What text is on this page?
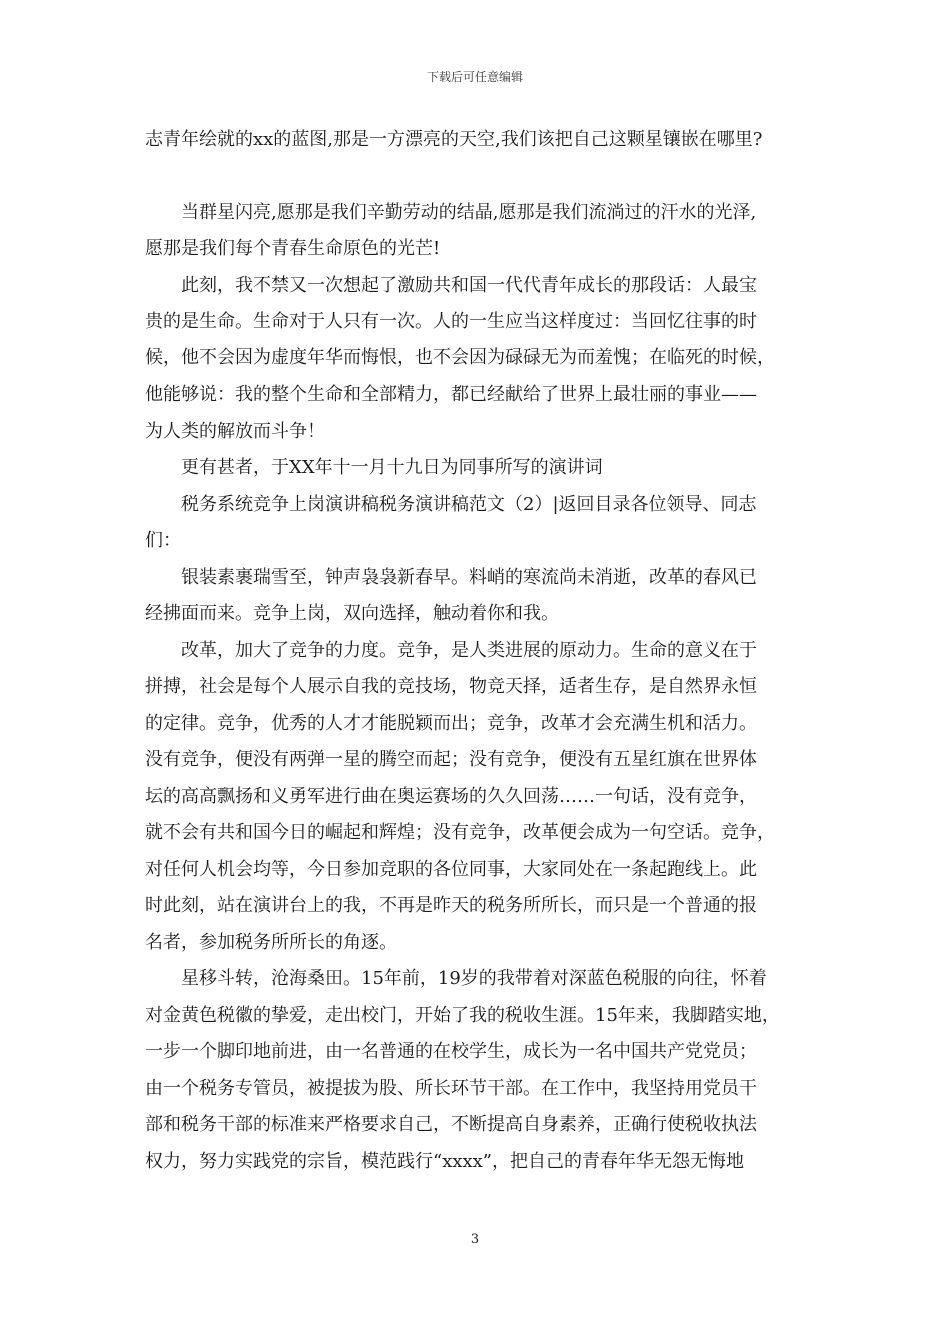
下载后可任意编辑
志青年绘就的xx的蓝图,那是一方漂亮的天空,我们该把自己这颗星镶嵌在哪里?
　　当群星闪亮,愿那是我们辛勤劳动的结晶,愿那是我们流淌过的汗水的光泽,
愿那是我们每个青春生命原色的光芒!
　　此刻，我不禁又一次想起了激励共和国一代代青年成长的那段话：人最宝
贵的是生命。生命对于人只有一次。人的一生应当这样度过：当回忆往事的时
候，他不会因为虚度年华而悔恨，也不会因为碌碌无为而羞愧；在临死的时候，
他能够说：我的整个生命和全部精力，都已经献给了世界上最壮丽的事业——
为人类的解放而斗争！
　　更有甚者，于XX年十一月十九日为同事所写的演讲词
　　税务系统竞争上岗演讲稿税务演讲稿范文（2）|返回目录各位领导、同志
们：
　　银装素裹瑞雪至，钟声袅袅新春早。料峭的寒流尚未消逝，改革的春风已
经拂面而来。竞争上岗，双向选择，触动着你和我。
　　改革，加大了竞争的力度。竞争，是人类进展的原动力。生命的意义在于
拼搏，社会是每个人展示自我的竞技场，物竞天择，适者生存，是自然界永恒
的定律。竞争，优秀的人才才能脱颖而出；竞争，改革才会充满生机和活力。
没有竞争，便没有两弹一星的腾空而起；没有竞争，便没有五星红旗在世界体
坛的高高飘扬和义勇军进行曲在奥运赛场的久久回荡……一句话，没有竞争，
就不会有共和国今日的崛起和辉煌；没有竞争，改革便会成为一句空话。竞争，
对任何人机会均等，今日参加竞职的各位同事，大家同处在一条起跑线上。此
时此刻，站在演讲台上的我，不再是昨天的税务所所长，而只是一个普通的报
名者，参加税务所所长的角逐。
　　星移斗转，沧海桑田。15年前，19岁的我带着对深蓝色税服的向往，怀着
对金黄色税徽的挚爱，走出校门，开始了我的税收生涯。15年来，我脚踏实地，
一步一个脚印地前进，由一名普通的在校学生，成长为一名中国共产党党员；
由一个税务专管员，被提拔为股、所长环节干部。在工作中，我坚持用党员干
部和税务干部的标准来严格要求自己，不断提高自身素养，正确行使税收执法
权力，努力实践党的宗旨，模范践行“xxxx”，把自己的青春年华无怨无悔地
3
